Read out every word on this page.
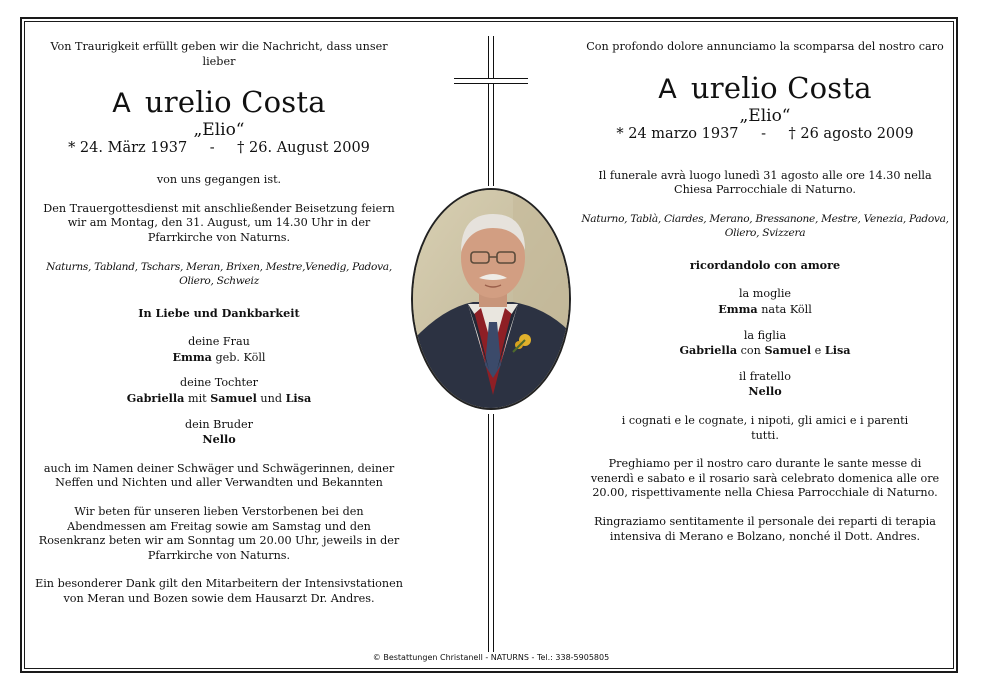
Von Traurigkeit erfüllt geben wir die Nachricht, dass unser lieber
A urelio Costa
„Elio“
* 24. März 1937 - † 26. August 2009
von uns gegangen ist.
Den Trauergottesdienst mit anschließender Beisetzung feiern wir am Montag, den 31. August, um 14.30 Uhr in der Pfarrkirche von Naturns.
Naturns, Tabland, Tschars, Meran, Brixen, Mestre,Venedig, Padova, Oliero, Schweiz
In Liebe und Dankbarkeit
deine Frau
Emma geb. Köll
deine Tochter
Gabriella mit Samuel und Lisa
dein Bruder
Nello
auch im Namen deiner Schwäger und Schwägerinnen, deiner Neffen und Nichten und aller Verwandten und Bekannten
Wir beten für unseren lieben Verstorbenen bei den Abendmessen am Freitag sowie am Samstag und den Rosenkranz beten wir am Sonntag um 20.00 Uhr, jeweils in der Pfarrkirche von Naturns.
Ein besonderer Dank gilt den Mitarbeitern der Intensivstationen von Meran und Bozen sowie dem Hausarzt Dr. Andres.
Con profondo dolore annunciamo la scomparsa del nostro caro
A urelio Costa
„Elio“
* 24 marzo 1937 - † 26 agosto 2009
Il funerale avrà luogo lunedì 31 agosto alle ore 14.30 nella Chiesa Parrocchiale di Naturno.
Naturno, Tablà, Ciardes, Merano, Bressanone, Mestre, Venezia, Padova, Oliero, Svizzera
ricordandolo con amore
la moglie
Emma nata Köll
la figlia
Gabriella con Samuel e Lisa
il fratello
Nello
i cognati e le cognate, i nipoti, gli amici e i parenti tutti.
Preghiamo per il nostro caro durante le sante messe di venerdì e sabato e il rosario sarà celebrato domenica alle ore 20.00, rispettivamente nella Chiesa Parrocchiale di Naturno.
Ringraziamo sentitamente il personale dei reparti di terapia intensiva di Merano e Bolzano, nonché il Dott. Andres.
© Bestattungen Christanell - NATURNS - Tel.: 338-5905805
